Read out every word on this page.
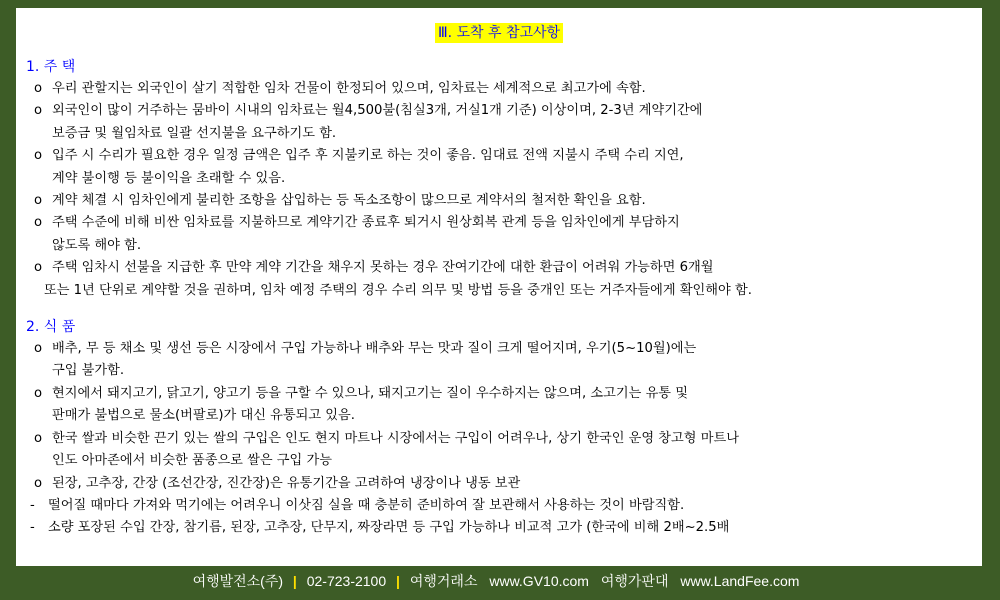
Ⅲ. 도착 후 참고사항
1. 주 택
o 우리 관할지는 외국인이 살기 적합한 임차 건물이 한정되어 있으며, 임차료는 세계적으로 최고가에 속함.
o 외국인이 많이 거주하는 뭄바이 시내의 임차료는 월4,500불(침실3개, 거실1개 기준) 이상이며, 2-3년 계약기간에
보증금 및 월임차료 일괄 선지불을 요구하기도 함.
o 입주 시 수리가 필요한 경우 일정 금액은 입주 후 지불키로 하는 것이 좋음. 임대료 전액 지불시 주택 수리 지연,
계약 불이행 등 불이익을 초래할 수 있음.
o 계약 체결 시 임차인에게 불리한 조항을 삽입하는 등 독소조항이 많으므로 계약서의 철저한 확인을 요함.
o 주택 수준에 비해 비싼 임차료를 지불하므로 계약기간 종료후 퇴거시 원상회복 관계 등을 임차인에게 부담하지
않도록 해야 함.
o 주택 임차시 선불을 지급한 후 만약 계약 기간을 채우지 못하는 경우 잔여기간에 대한 환급이 어려워 가능하면 6개월
또는 1년 단위로 계약할 것을 권하며, 임차 예정 주택의 경우 수리 의무 및 방법 등을 중개인 또는 거주자들에게 확인해야 함.
2. 식 품
o 배추, 무 등 채소 및 생선 등은 시장에서 구입 가능하나 배추와 무는 맛과 질이 크게 떨어지며, 우기(5~10월)에는
구입 불가함.
o 현지에서 돼지고기, 닭고기, 양고기 등을 구할 수 있으나, 돼지고기는 질이 우수하지는 않으며, 소고기는 유통 및
판매가 불법으로 물소(버팔로)가 대신 유통되고 있음.
o 한국 쌀과 비슷한 끈기 있는 쌀의 구입은 인도 현지 마트나 시장에서는 구입이 어려우나, 상기 한국인 운영 창고형 마트나
인도 아마존에서 비슷한 품종으로 쌀은 구입 가능
o 된장, 고추장, 간장 (조선간장, 진간장)은 유통기간을 고려하여 냉장이나 냉동 보관
- 떨어질 때마다 가져와 먹기에는 어려우니 이삿짐 실을 때 충분히 준비하여 잘 보관해서 사용하는 것이 바람직함.
- 소량 포장된 수입 간장, 참기름, 된장, 고추장, 단무지, 짜장라면 등 구입 가능하나 비교적 고가 (한국에 비해 2배~2.5배
여행발전소(주) | 02-723-2100 | 여행거래소 www.GV10.com 여행가판대 www.LandFee.com
